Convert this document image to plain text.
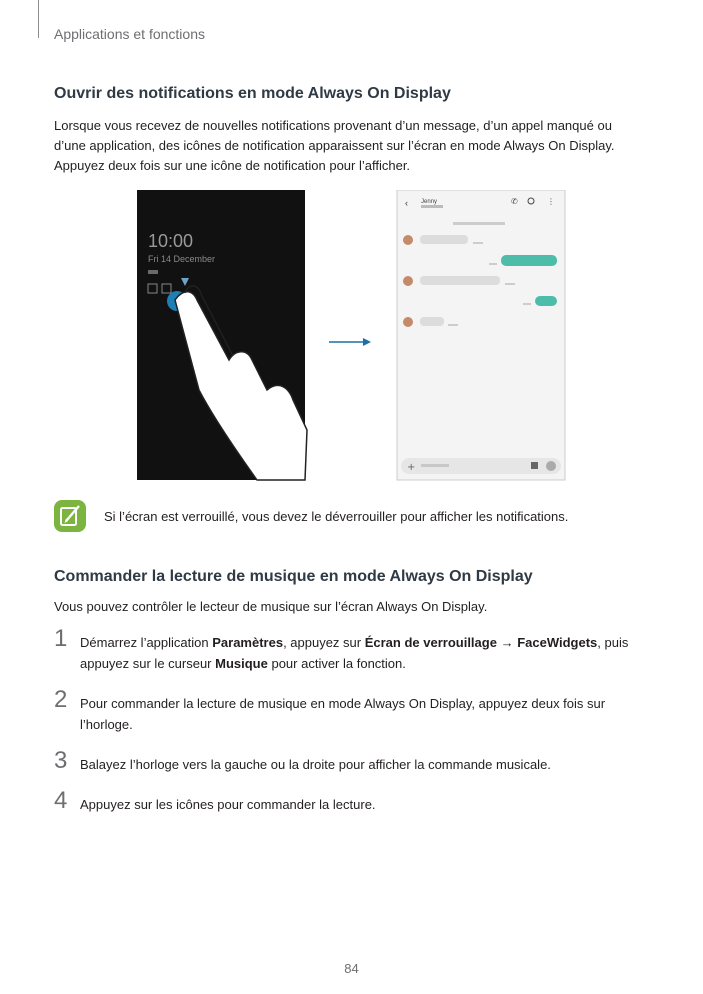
Applications et fonctions
Ouvrir des notifications en mode Always On Display

Lorsque vous recevez de nouvelles notifications provenant d’un message, d’un appel manqué ou
d’une application, des icônes de notification apparaissent sur l’écran en mode Always On Display.
Appuyez deux fois sur une icône de notification pour l’afficher.

10:00
Fri 14 December
‹ Jenny	✆	⋮
+
Si l’écran est verrouillé, vous devez le déverrouiller pour afficher les notifications.
Commander la lecture de musique en mode Always On Display

Vous pouvez contrôler le lecteur de musique sur l’écran Always On Display.

1 Démarrez l’application Paramètres, appuyez sur Écran de verrouillage → FaceWidgets, puis
appuyez sur le curseur Musique pour activer la fonction.
2 Pour commander la lecture de musique en mode Always On Display, appuyez deux fois sur
l’horloge.
3 Balayez l’horloge vers la gauche ou la droite pour afficher la commande musicale.
4 Appuyez sur les icônes pour commander la lecture.
84
